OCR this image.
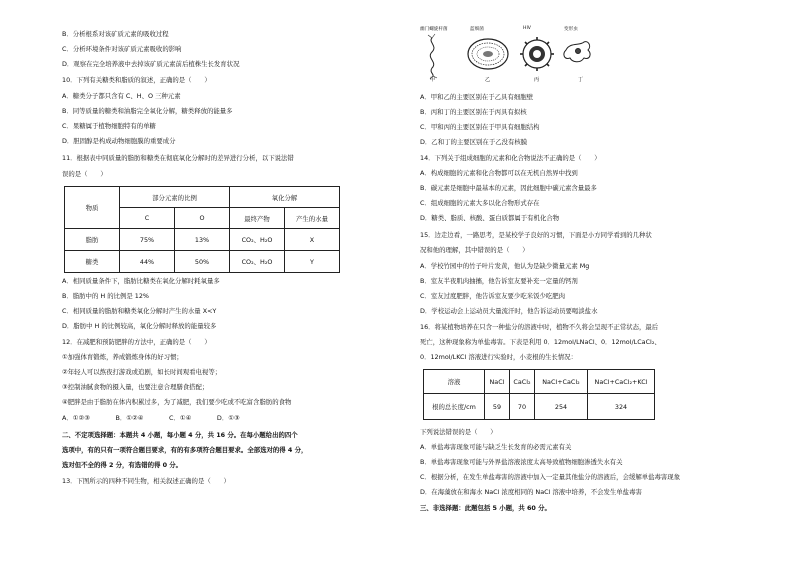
B．分析根系对该矿质元素的吸收过程
C．分析环境条件对该矿质元素吸收的影响
D．观察在完全培养液中去掉该矿质元素前后植株生长发育状况
10．下列有关糖类和脂质的叙述，正确的是（　　）
A．糖类分子都只含有 C、H、O 三种元素
B．同等质量的糖类和油脂完全氧化分解，糖类释放的能量多
C．果糖属于植物细胞特有的单糖
D．胆固醇是构成动物细胞膜的重要成分
11．根据表中同质量的脂肪和糖类在彻底氧化分解时的差异进行分析，以下说法错
误的是（　　）
物质	部分元素的比例		氧化分解	
	C	O	最终产物	产生的水量
脂肪	75%	13%	CO₂、H₂O	X
糖类	44%	50%	CO₂、H₂O	Y
A．相同质量条件下，脂肪比糖类在氧化分解时耗氧量多
B．脂肪中的 H 的比例是 12%
C．相同质量的脂肪和糖类氧化分解时产生的水量 X<Y
D．脂肪中 H 的比例较高，氧化分解时释放的能量较多
12．在减肥和预防肥胖的方法中，正确的是（　　）
①加强体育锻炼，养成锻炼身体的好习惯；
②年轻人可以熬夜打游戏或追剧，如长时间观看电视等；
③控制油腻食物的摄入量，也要注意合理膳食搭配；
④肥胖是由于脂肪在体内积累过多，为了减肥，我们要少吃或不吃富含脂肪的食物
A．①②③　　　　B．①②④　　　　C．①④　　　　D．①③
二、不定项选择题：本题共 4 小题，每小题 4 分，共 16 分。在每小题给出的四个
选项中，有的只有一项符合题目要求，有的有多项符合题目要求。全部选对的得 4 分，
选对但不全的得 2 分，有选错的得 0 分。
13．下图所示的四种不同生物，相关叙述正确的是（　　）
幽门螺旋杆菌	蓝细菌	HIV	变形虫
甲	乙	丙	丁
A．甲和乙的主要区别在于乙具有细胞壁
B．丙和丁的主要区别在于丙具有拟核
C．甲和丙的主要区别在于甲具有细胞结构
D．乙和丁的主要区别在于乙没有核膜
14．下列关于组成细胞的元素和化合物说法不正确的是（　　）
A．构成细胞的元素和化合物都可以在无机自然界中找到
B．碳元素是细胞中最基本的元素，因此细胞中碳元素含量最多
C．组成细胞的元素大多以化合物形式存在
D．糖类、脂质、核酸、蛋白质都属于有机化合物
15．边走边看，一路思考，是某校学子良好的习惯，下面是小方同学看到的几种状
况和他的理解，其中错误的是（　　）
A．学校竹园中的竹子叶片发黄，他认为是缺少微量元素 Mg
B．室友半夜肌肉抽搐，他告诉室友要补充一定量的钙剂
C．室友过度肥胖，他告诉室友要少吃米饭少吃肥肉
D．学校运动会上运动员大量流汗时，他告诉运动员要喝淡盐水
16．将某植物培养在只含一种盐分的溶液中时，植物不久将会呈现不正常状态，最后
死亡，这种现象称为单盐毒害。下表是利用 0．12mol/LNaCl、0．12mol/LCaCl₂、
0．12mol/LKCl 溶液进行实验时，小麦根的生长情况：
溶液	NaCl	CaCl₂	NaCl+CaCl₂	NaCl+CaCl₂+KCl
根的总长度/cm	59	70	254	324
下列说法错误的是（　　）
A．单盐毒害现象可能与缺乏生长发育的必需元素有关
B．单盐毒害现象可能与外界盐溶液浓度太高导致植物细胞渗透失水有关
C．根据分析，在发生单盐毒害的溶液中加入一定量其他盐分的溶液后，会缓解单盐毒害现象
D．在海藻放在和海水 NaCl 浓度相同的 NaCl 溶液中培养，不会发生单盐毒害
三、非选择题：此题包括 5 小题，共 60 分。
